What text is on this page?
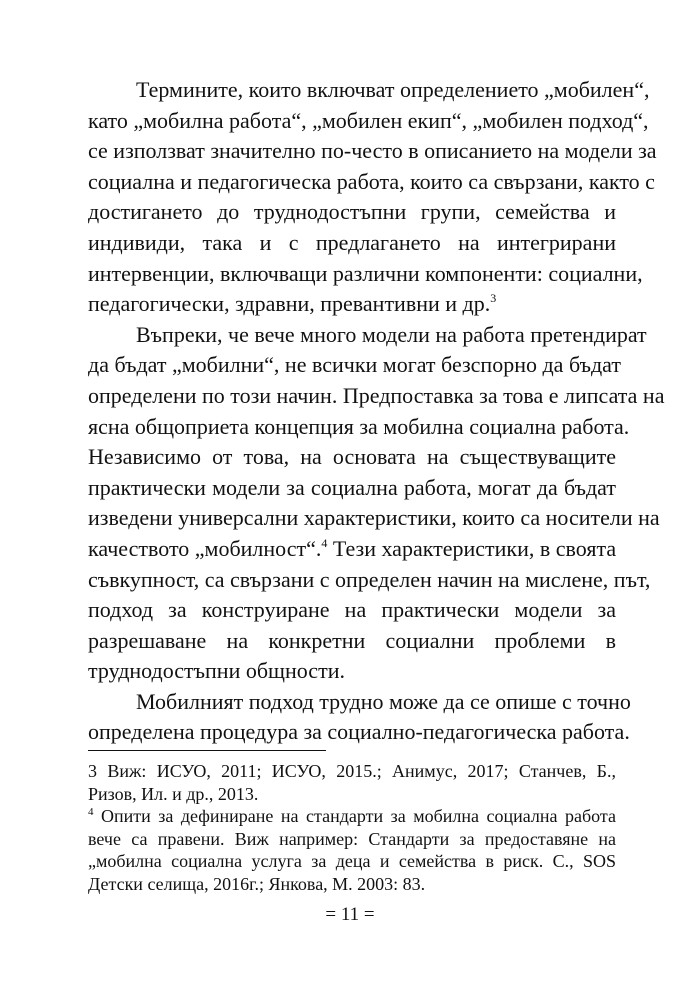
Термините, които включват определението „мобилен“,
като „мобилна работа“, „мобилен екип“, „мобилен подход“,
се използват значително по-често в описанието на модели за
социална и педагогическа работа, които са свързани, както с
достигането до труднодостъпни групи, семейства и
индивиди, така и с предлагането на интегрирани
интервенции, включващи различни компоненти: социални,
педагогически, здравни, превантивни и др.$^3$

Въпреки, че вече много модели на работа претендират
да бъдат „мобилни“, не всички могат безспорно да бъдат
определени по този начин. Предпоставка за това е липсата на
ясна общоприета концепция за мобилна социална работа.
Независимо от това, на основата на съществуващите
практически модели за социална работа, могат да бъдат
изведени универсални характеристики, които са носители на
качеството „мобилност“.$^4$ Тези характеристики, в своята
съвкупност, са свързани с определен начин на мислене, път,
подход за конструиране на практически модели за
разрешаване на конкретни социални проблеми в
труднодостъпни общности.

Мобилният подход трудно може да се опише с точно
определена процедура за социално-педагогическа работа.

3 Виж: ИСУО, 2011; ИСУО, 2015.; Анимус, 2017; Станчев, Б.,
Ризов, Ил. и др., 2013.

$^4$ Опити за дефиниране на стандарти за мобилна социална работа
вече са правени. Виж например: Стандарти за предоставяне на
„мобилна социална услуга за деца и семейства в риск. С., SOS
Детски селища, 2016г.; Янкова, М. 2003: 83.

= 11 =
